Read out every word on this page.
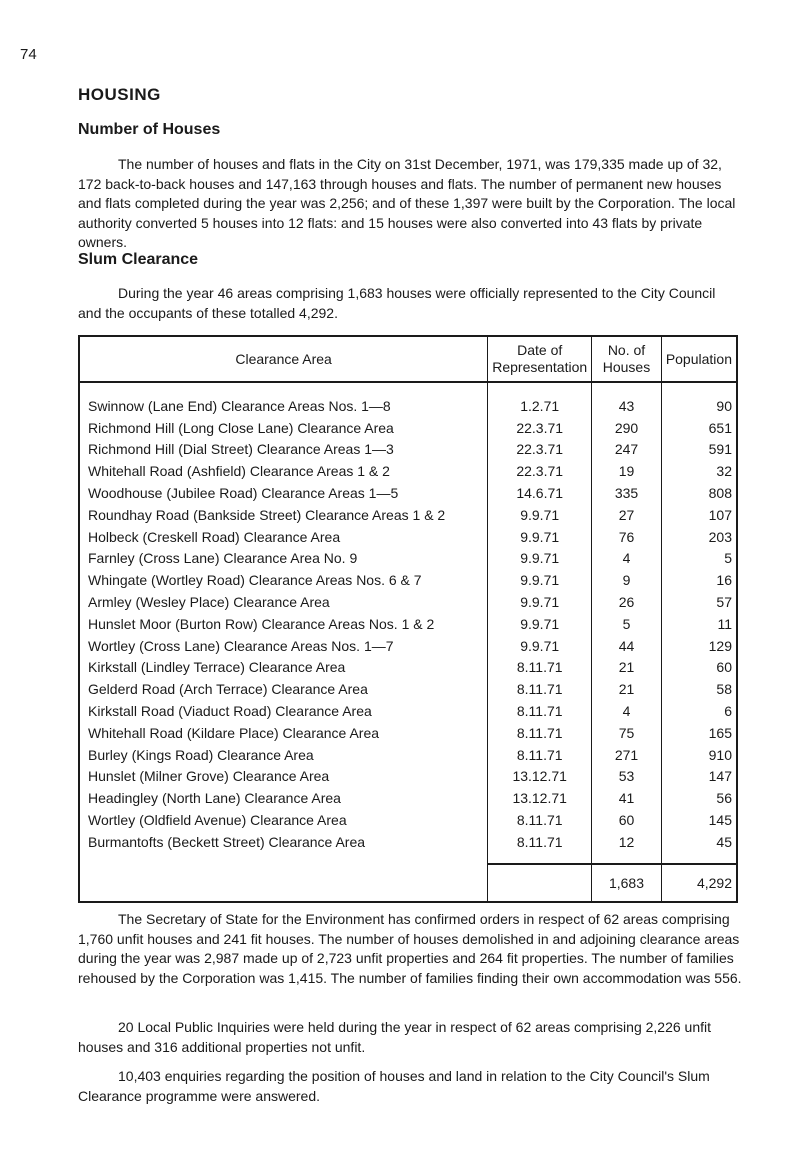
74
HOUSING
Number of Houses
The number of houses and flats in the City on 31st December, 1971, was 179,335 made up of 32, 172 back-to-back houses and 147,163 through houses and flats. The number of permanent new houses and flats completed during the year was 2,256; and of these 1,397 were built by the Corporation. The local authority converted 5 houses into 12 flats: and 15 houses were also converted into 43 flats by private owners.
Slum Clearance
During the year 46 areas comprising 1,683 houses were officially represented to the City Council and the occupants of these totalled 4,292.
Clearance Area	Date of Representation	No. of Houses	Population

Swinnow (Lane End) Clearance Areas Nos. 1—8	1.2.71	43	90
Richmond Hill (Long Close Lane) Clearance Area	22.3.71	290	651
Richmond Hill (Dial Street) Clearance Areas 1—3	22.3.71	247	591
Whitehall Road (Ashfield) Clearance Areas 1 & 2	22.3.71	19	32
Woodhouse (Jubilee Road) Clearance Areas 1—5	14.6.71	335	808
Roundhay Road (Bankside Street) Clearance Areas 1 & 2	9.9.71	27	107
Holbeck (Creskell Road) Clearance Area	9.9.71	76	203
Farnley (Cross Lane) Clearance Area No. 9	9.9.71	4	5
Whingate (Wortley Road) Clearance Areas Nos. 6 & 7	9.9.71	9	16
Armley (Wesley Place) Clearance Area	9.9.71	26	57
Hunslet Moor (Burton Row) Clearance Areas Nos. 1 & 2	9.9.71	5	11
Wortley (Cross Lane) Clearance Areas Nos. 1—7	9.9.71	44	129
Kirkstall (Lindley Terrace) Clearance Area	8.11.71	21	60
Gelderd Road (Arch Terrace) Clearance Area	8.11.71	21	58
Kirkstall Road (Viaduct Road) Clearance Area	8.11.71	4	6
Whitehall Road (Kildare Place) Clearance Area	8.11.71	75	165
Burley (Kings Road) Clearance Area	8.11.71	271	910
Hunslet (Milner Grove) Clearance Area	13.12.71	53	147
Headingley (North Lane) Clearance Area	13.12.71	41	56
Wortley (Oldfield Avenue) Clearance Area	8.11.71	60	145
Burmantofts (Beckett Street) Clearance Area	8.11.71	12	45

		1,683	4,292
The Secretary of State for the Environment has confirmed orders in respect of 62 areas comprising 1,760 unfit houses and 241 fit houses. The number of houses demolished in and adjoining clearance areas during the year was 2,987 made up of 2,723 unfit properties and 264 fit properties. The number of families rehoused by the Corporation was 1,415. The number of families finding their own accommodation was 556.
20 Local Public Inquiries were held during the year in respect of 62 areas comprising 2,226 unfit houses and 316 additional properties not unfit.
10,403 enquiries regarding the position of houses and land in relation to the City Council's Slum Clearance programme were answered.
